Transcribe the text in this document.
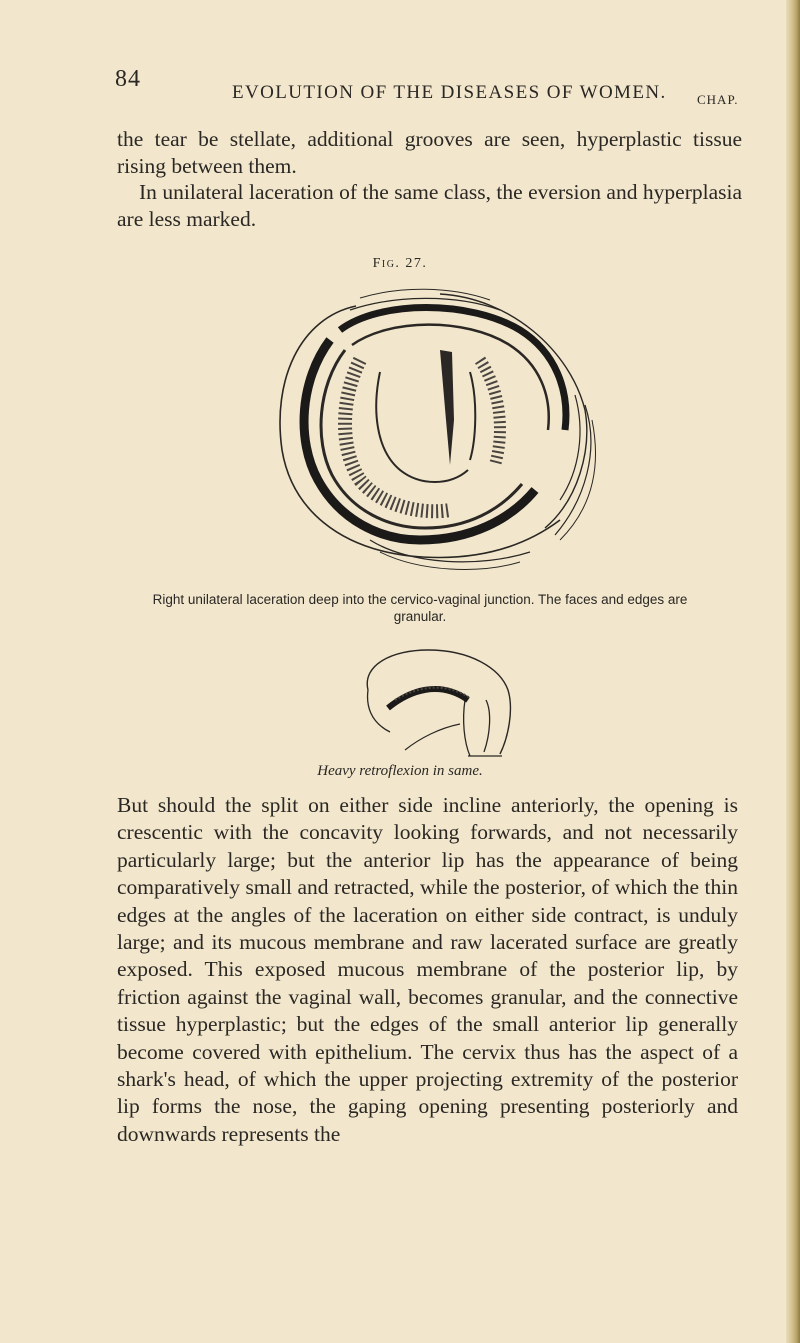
84
EVOLUTION OF THE DISEASES OF WOMEN. CHAP.

the tear be stellate, additional grooves are seen, hyperplastic tissue rising between them.

In unilateral laceration of the same class, the eversion and hyperplasia are less marked.

Fig. 27.

Right unilateral laceration deep into the cervico-vaginal junction. The faces and edges are granular.

Heavy retroflexion in same.

But should the split on either side incline anteriorly, the opening is crescentic with the concavity looking forwards, and not necessarily particularly large; but the anterior lip has the appearance of being comparatively small and retracted, while the posterior, of which the thin edges at the angles of the laceration on either side contract, is unduly large; and its mucous membrane and raw lacerated surface are greatly exposed. This exposed mucous membrane of the posterior lip, by friction against the vaginal wall, becomes granular, and the connective tissue hyperplastic; but the edges of the small anterior lip generally become covered with epithelium. The cervix thus has the aspect of a shark's head, of which the upper projecting extremity of the posterior lip forms the nose, the gaping opening presenting posteriorly and downwards represents the
